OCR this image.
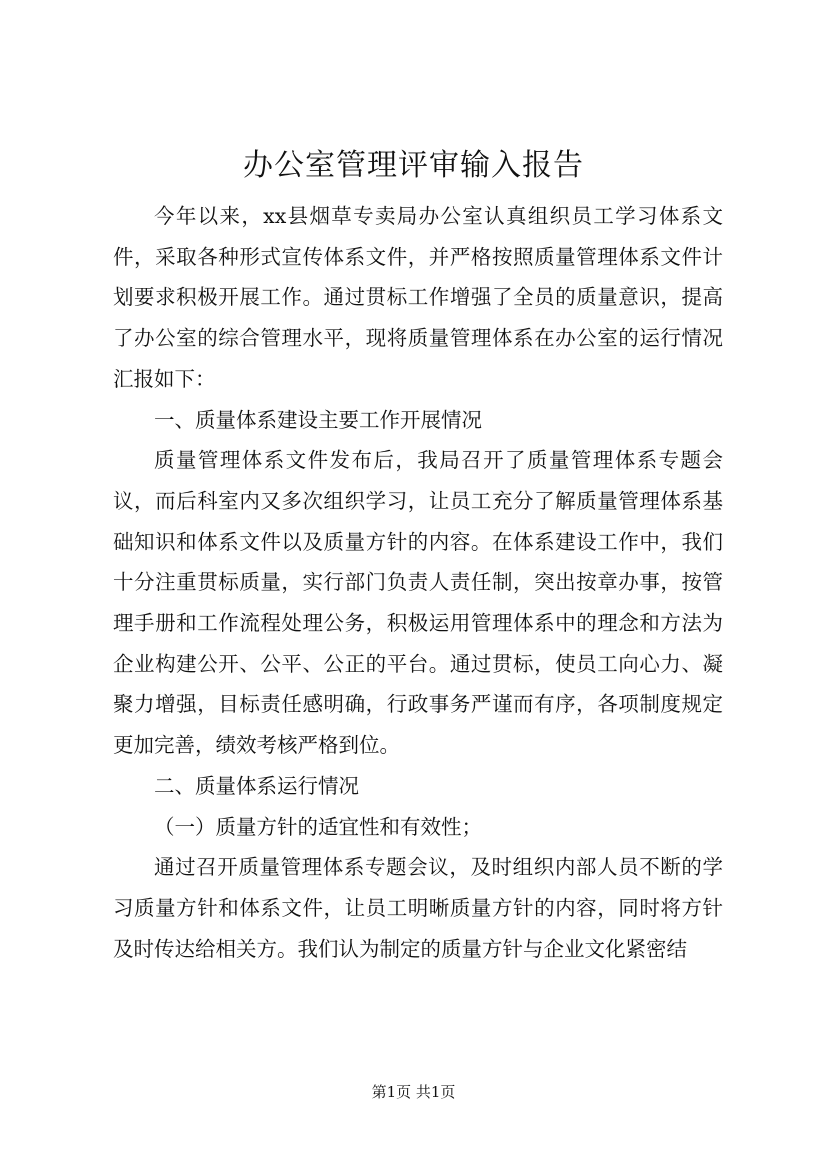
办公室管理评审输入报告

今年以来，xx县烟草专卖局办公室认真组织员工学习体系文件，采取各种形式宣传体系文件，并严格按照质量管理体系文件计划要求积极开展工作。通过贯标工作增强了全员的质量意识，提高了办公室的综合管理水平，现将质量管理体系在办公室的运行情况汇报如下：

一、质量体系建设主要工作开展情况

质量管理体系文件发布后，我局召开了质量管理体系专题会议，而后科室内又多次组织学习，让员工充分了解质量管理体系基础知识和体系文件以及质量方针的内容。在体系建设工作中，我们十分注重贯标质量，实行部门负责人责任制，突出按章办事，按管理手册和工作流程处理公务，积极运用管理体系中的理念和方法为企业构建公开、公平、公正的平台。通过贯标，使员工向心力、凝聚力增强，目标责任感明确，行政事务严谨而有序，各项制度规定更加完善，绩效考核严格到位。

二、质量体系运行情况

（一）质量方针的适宜性和有效性；

通过召开质量管理体系专题会议，及时组织内部人员不断的学习质量方针和体系文件，让员工明晰质量方针的内容，同时将方针及时传达给相关方。我们认为制定的质量方针与企业文化紧密结

第1页 共1页
